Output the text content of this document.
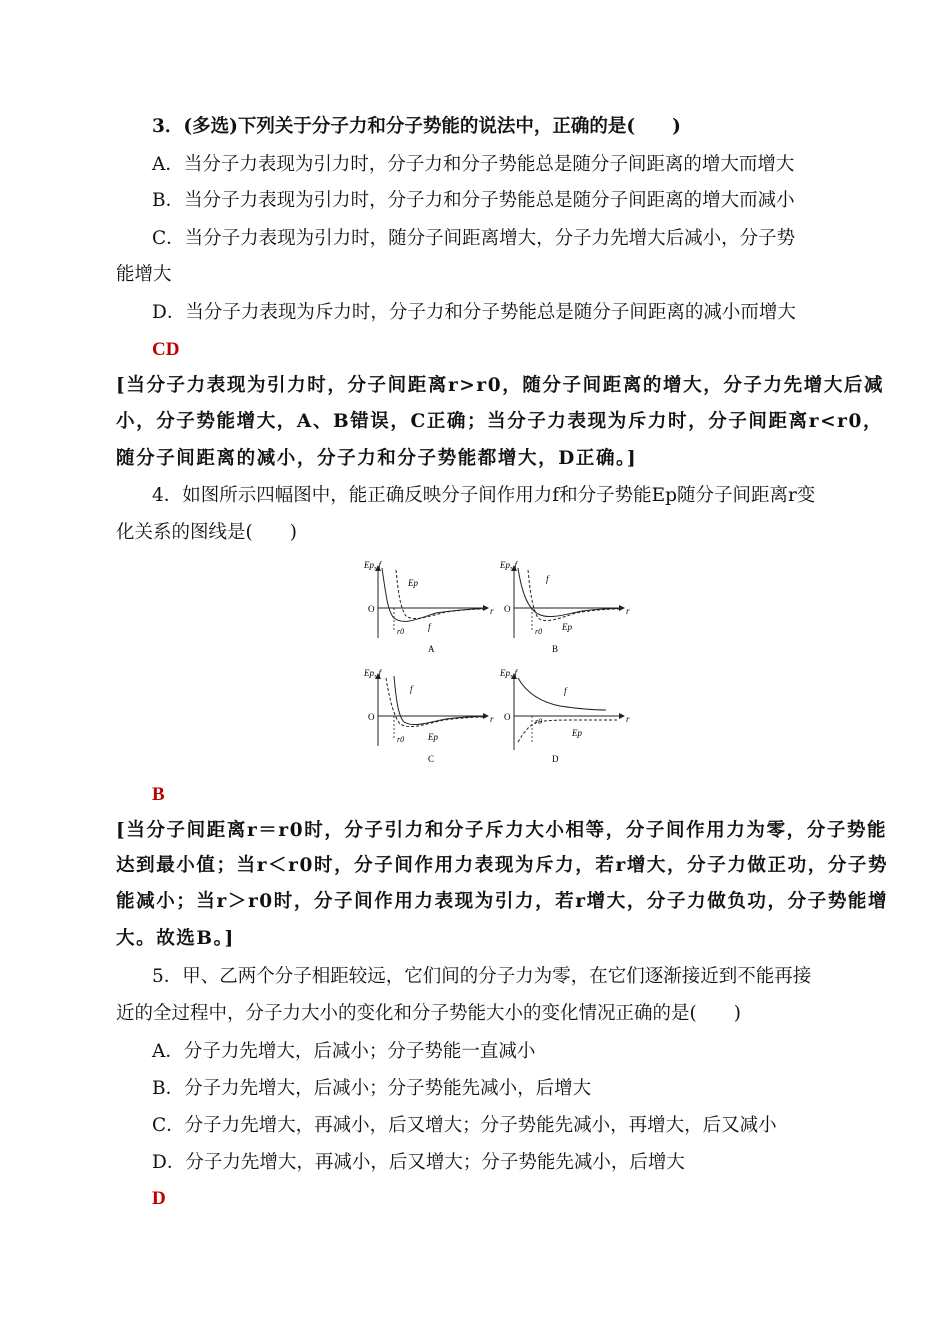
3．(多选)下列关于分子力和分子势能的说法中，正确的是(　　)
A．当分子力表现为引力时，分子力和分子势能总是随分子间距离的增大而增大
B．当分子力表现为引力时，分子力和分子势能总是随分子间距离的增大而减小
C．当分子力表现为引力时，随分子间距离增大，分子力先增大后减小，分子势
能增大
D．当分子力表现为斥力时，分子力和分子势能总是随分子间距离的减小而增大
CD
[当分子力表现为引力时，分子间距离r>r0，随分子间距离的增大，分子力先增大后减
小，分子势能增大，A、B错误，C正确；当分子力表现为斥力时，分子间距离r<r0，
随分子间距离的减小，分子力和分子势能都增大，D正确。]
4．如图所示四幅图中，能正确反映分子间作用力f和分子势能Ep随分子间距离r变
化关系的图线是(　　)
Ep, f
r
O
r0
Ep
f
A
Ep, f
r
O
r0
f
Ep
B
Ep, f
r
O
r0
f
Ep
C
Ep, f
r
O	r0
f
Ep
D
B
[当分子间距离r＝r0时，分子引力和分子斥力大小相等，分子间作用力为零，分子势能
达到最小值；当r＜r0时，分子间作用力表现为斥力，若r增大，分子力做正功，分子势
能减小；当r＞r0时，分子间作用力表现为引力，若r增大，分子力做负功，分子势能增
大。故选B。]
5．甲、乙两个分子相距较远，它们间的分子力为零，在它们逐渐接近到不能再接
近的全过程中，分子力大小的变化和分子势能大小的变化情况正确的是(　　)
A．分子力先增大，后减小；分子势能一直减小
B．分子力先增大，后减小；分子势能先减小，后增大
C．分子力先增大，再减小，后又增大；分子势能先减小，再增大，后又减小
D．分子力先增大，再减小，后又增大；分子势能先减小，后增大
D
